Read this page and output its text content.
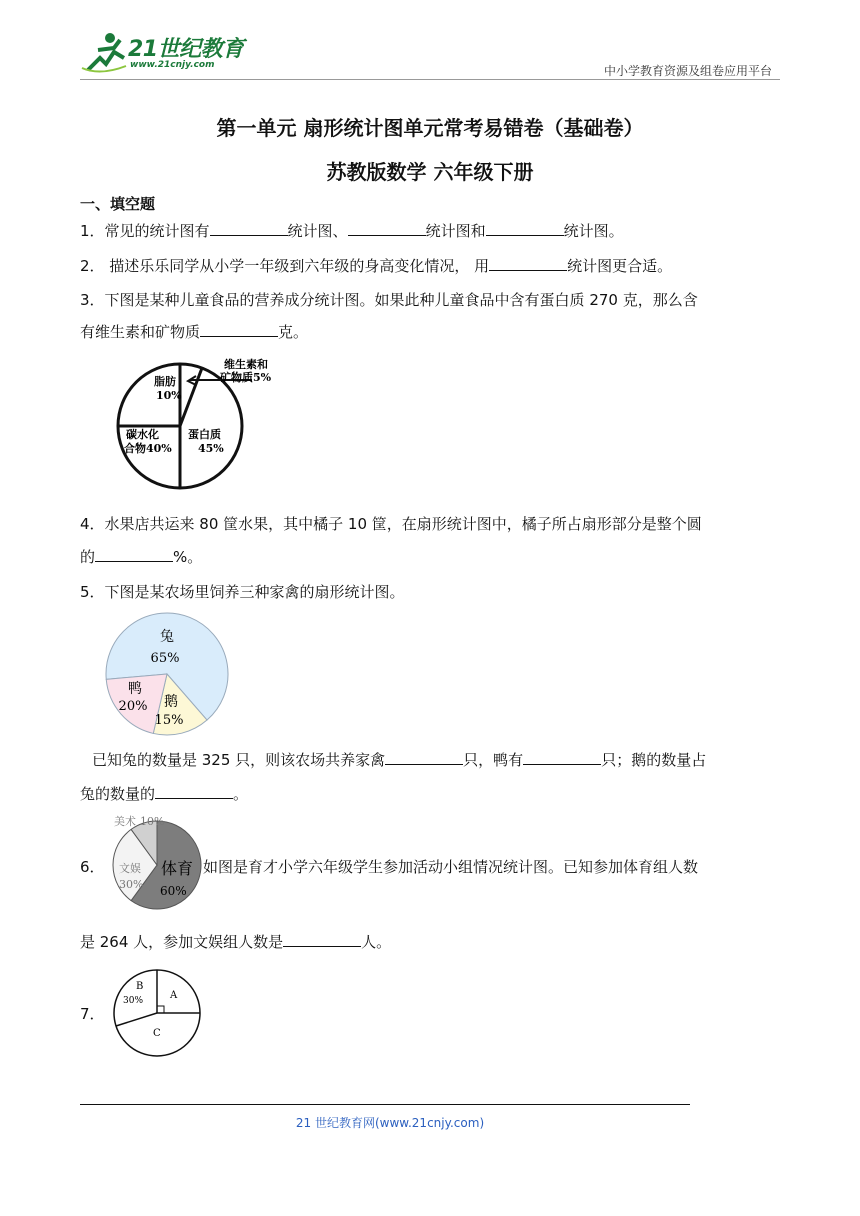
21世纪教育
www.21cnjy.com	中小学教育资源及组卷应用平台
第一单元 扇形统计图单元常考易错卷（基础卷）
苏教版数学 六年级下册
一、填空题
1．常见的统计图有	统计图、	统计图和	统计图。
2． 描述乐乐同学从小学一年级到六年级的身高变化情况， 用	统计图更合适。
3．下图是某种儿童食品的营养成分统计图。如果此种儿童食品中含有蛋白质 270 克，那么含
有维生素和矿物质	克。
脂肪
10%
维生素和
矿物质5%
碳水化
合物40%
蛋白质
45%
4．水果店共运来 80 筐水果，其中橘子 10 筐，在扇形统计图中，橘子所占扇形部分是整个圆
的	%。
5．下图是某农场里饲养三种家禽的扇形统计图。
兔
65%
鸭
20% 鹅
15%
已知兔的数量是 325 只，则该农场共养家禽	只，鸭有	只；鹅的数量占
兔的数量的	。
6．
美术 10%
文娱
30%
体育
60%
如图是育才小学六年级学生参加活动小组情况统计图。已知参加体育组人数
是 264 人，参加文娱组人数是	人。
7．
A
B
30%
C
21 世纪教育网(www.21cnjy.com)
